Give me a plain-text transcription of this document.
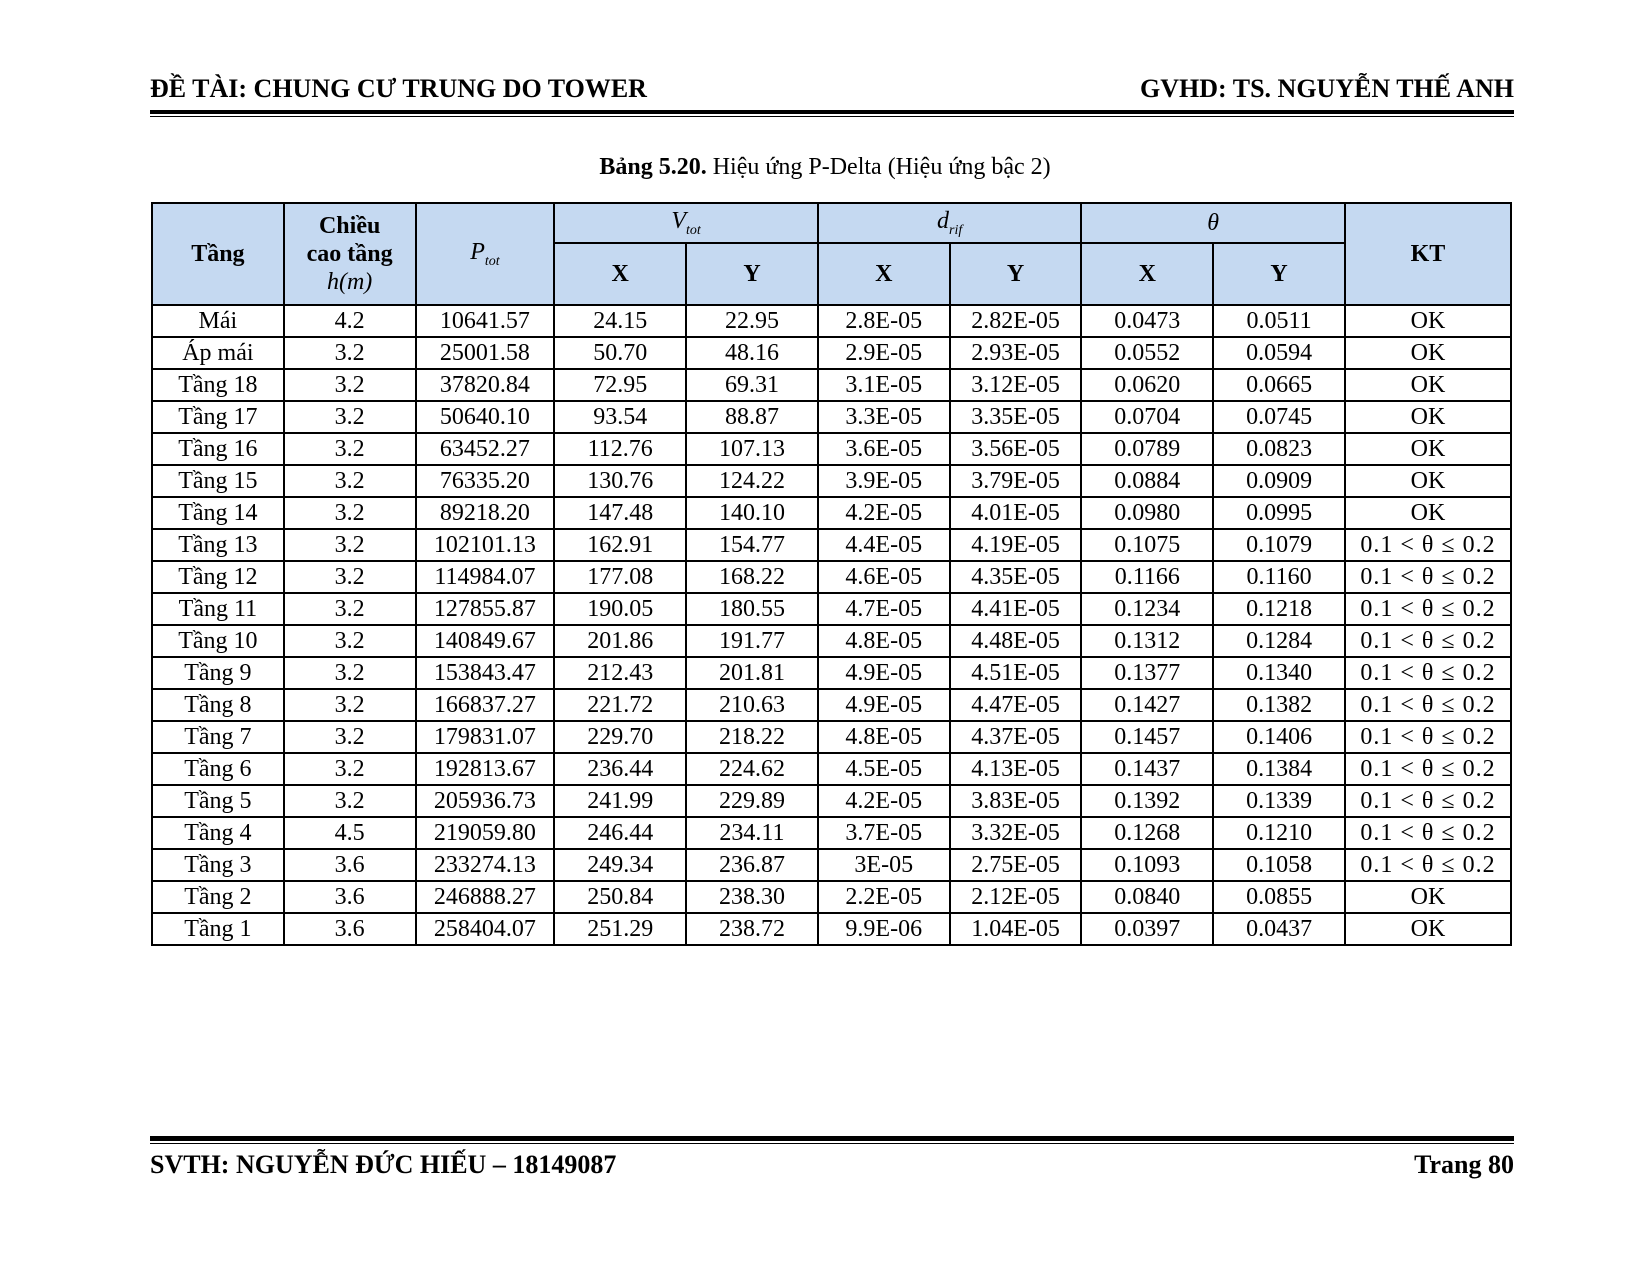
ĐỀ TÀI: CHUNG CƯ TRUNG DO TOWER	GVHD: TS. NGUYỄN THẾ ANH
Bảng 5.20. Hiệu ứng P-Delta (Hiệu ứng bậc 2)
Tầng	Chiều
cao tầng
h(m)	$P_{tot}$	$V_{tot}$		$d_{rif}$		θ		KT
			X	Y	X	Y	X	Y	
Mái	4.2	10641.57	24.15	22.95	2.8E-05	2.82E-05	0.0473	0.0511	OK
Áp mái	3.2	25001.58	50.70	48.16	2.9E-05	2.93E-05	0.0552	0.0594	OK
Tầng 18	3.2	37820.84	72.95	69.31	3.1E-05	3.12E-05	0.0620	0.0665	OK
Tầng 17	3.2	50640.10	93.54	88.87	3.3E-05	3.35E-05	0.0704	0.0745	OK
Tầng 16	3.2	63452.27	112.76	107.13	3.6E-05	3.56E-05	0.0789	0.0823	OK
Tầng 15	3.2	76335.20	130.76	124.22	3.9E-05	3.79E-05	0.0884	0.0909	OK
Tầng 14	3.2	89218.20	147.48	140.10	4.2E-05	4.01E-05	0.0980	0.0995	OK
Tầng 13	3.2	102101.13	162.91	154.77	4.4E-05	4.19E-05	0.1075	0.1079	0.1 < θ ≤ 0.2
Tầng 12	3.2	114984.07	177.08	168.22	4.6E-05	4.35E-05	0.1166	0.1160	0.1 < θ ≤ 0.2
Tầng 11	3.2	127855.87	190.05	180.55	4.7E-05	4.41E-05	0.1234	0.1218	0.1 < θ ≤ 0.2
Tầng 10	3.2	140849.67	201.86	191.77	4.8E-05	4.48E-05	0.1312	0.1284	0.1 < θ ≤ 0.2
Tầng 9	3.2	153843.47	212.43	201.81	4.9E-05	4.51E-05	0.1377	0.1340	0.1 < θ ≤ 0.2
Tầng 8	3.2	166837.27	221.72	210.63	4.9E-05	4.47E-05	0.1427	0.1382	0.1 < θ ≤ 0.2
Tầng 7	3.2	179831.07	229.70	218.22	4.8E-05	4.37E-05	0.1457	0.1406	0.1 < θ ≤ 0.2
Tầng 6	3.2	192813.67	236.44	224.62	4.5E-05	4.13E-05	0.1437	0.1384	0.1 < θ ≤ 0.2
Tầng 5	3.2	205936.73	241.99	229.89	4.2E-05	3.83E-05	0.1392	0.1339	0.1 < θ ≤ 0.2
Tầng 4	4.5	219059.80	246.44	234.11	3.7E-05	3.32E-05	0.1268	0.1210	0.1 < θ ≤ 0.2
Tầng 3	3.6	233274.13	249.34	236.87	3E-05	2.75E-05	0.1093	0.1058	0.1 < θ ≤ 0.2
Tầng 2	3.6	246888.27	250.84	238.30	2.2E-05	2.12E-05	0.0840	0.0855	OK
Tầng 1	3.6	258404.07	251.29	238.72	9.9E-06	1.04E-05	0.0397	0.0437	OK
SVTH: NGUYỄN ĐỨC HIẾU – 18149087	Trang 80
